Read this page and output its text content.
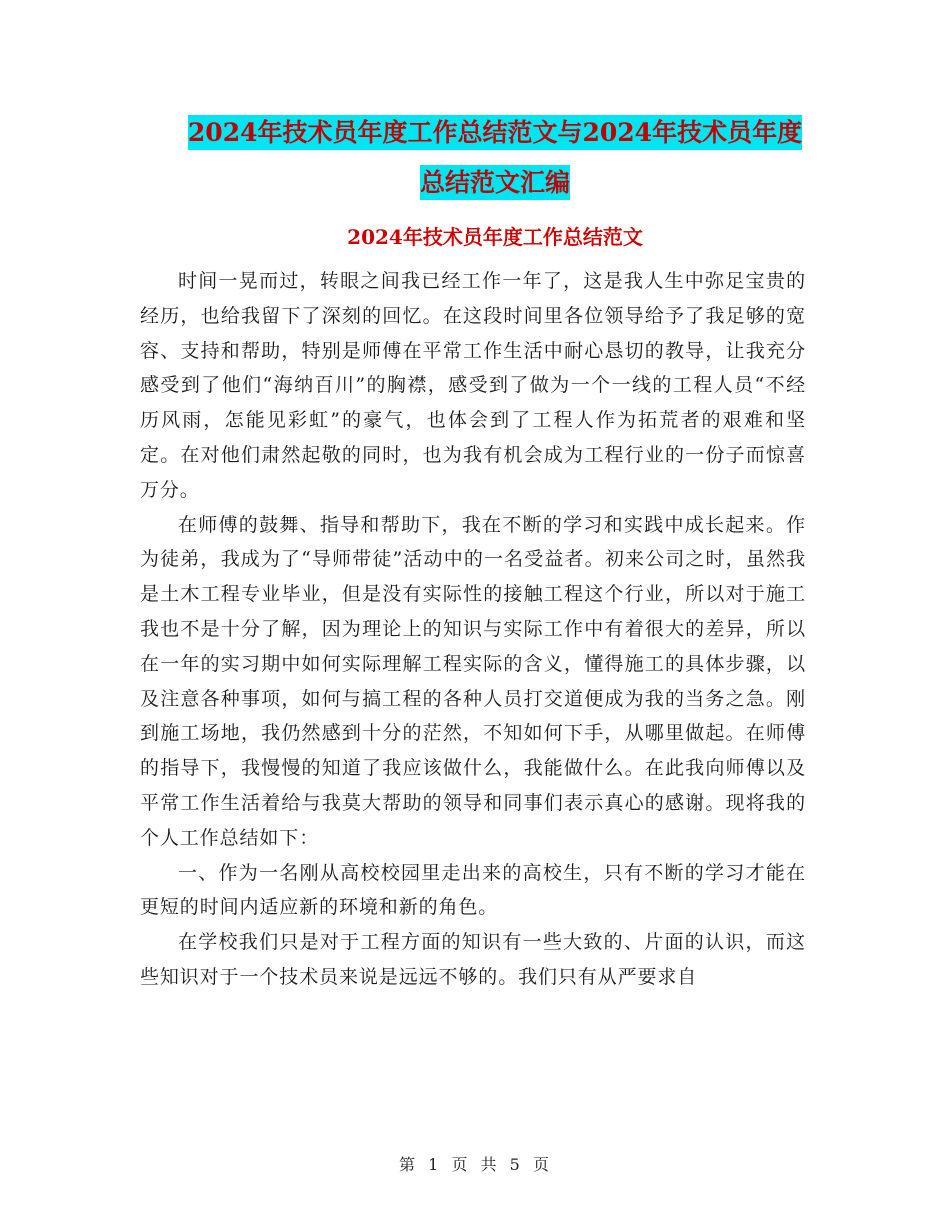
2024年技术员年度工作总结范文与2024年技术员年度
总结范文汇编
2024年技术员年度工作总结范文

时间一晃而过，转眼之间我已经工作一年了，这是我人生中弥足宝贵的经历，也给我留下了深刻的回忆。在这段时间里各位领导给予了我足够的宽容、支持和帮助，特别是师傅在平常工作生活中耐心恳切的教导，让我充分感受到了他们“海纳百川”的胸襟，感受到了做为一个一线的工程人员“不经历风雨，怎能见彩虹”的豪气，也体会到了工程人作为拓荒者的艰难和坚定。在对他们肃然起敬的同时，也为我有机会成为工程行业的一份子而惊喜万分。

在师傅的鼓舞、指导和帮助下，我在不断的学习和实践中成长起来。作为徒弟，我成为了“导师带徒”活动中的一名受益者。初来公司之时，虽然我是土木工程专业毕业，但是没有实际性的接触工程这个行业，所以对于施工我也不是十分了解，因为理论上的知识与实际工作中有着很大的差异，所以在一年的实习期中如何实际理解工程实际的含义，懂得施工的具体步骤，以及注意各种事项，如何与搞工程的各种人员打交道便成为我的当务之急。刚到施工场地，我仍然感到十分的茫然，不知如何下手，从哪里做起。在师傅的指导下，我慢慢的知道了我应该做什么，我能做什么。在此我向师傅以及平常工作生活着给与我莫大帮助的领导和同事们表示真心的感谢。现将我的个人工作总结如下：

一、作为一名刚从高校校园里走出来的高校生，只有不断的学习才能在更短的时间内适应新的环境和新的角色。

在学校我们只是对于工程方面的知识有一些大致的、片面的认识，而这些知识对于一个技术员来说是远远不够的。我们只有从严要求自

第 1 页 共 5 页
